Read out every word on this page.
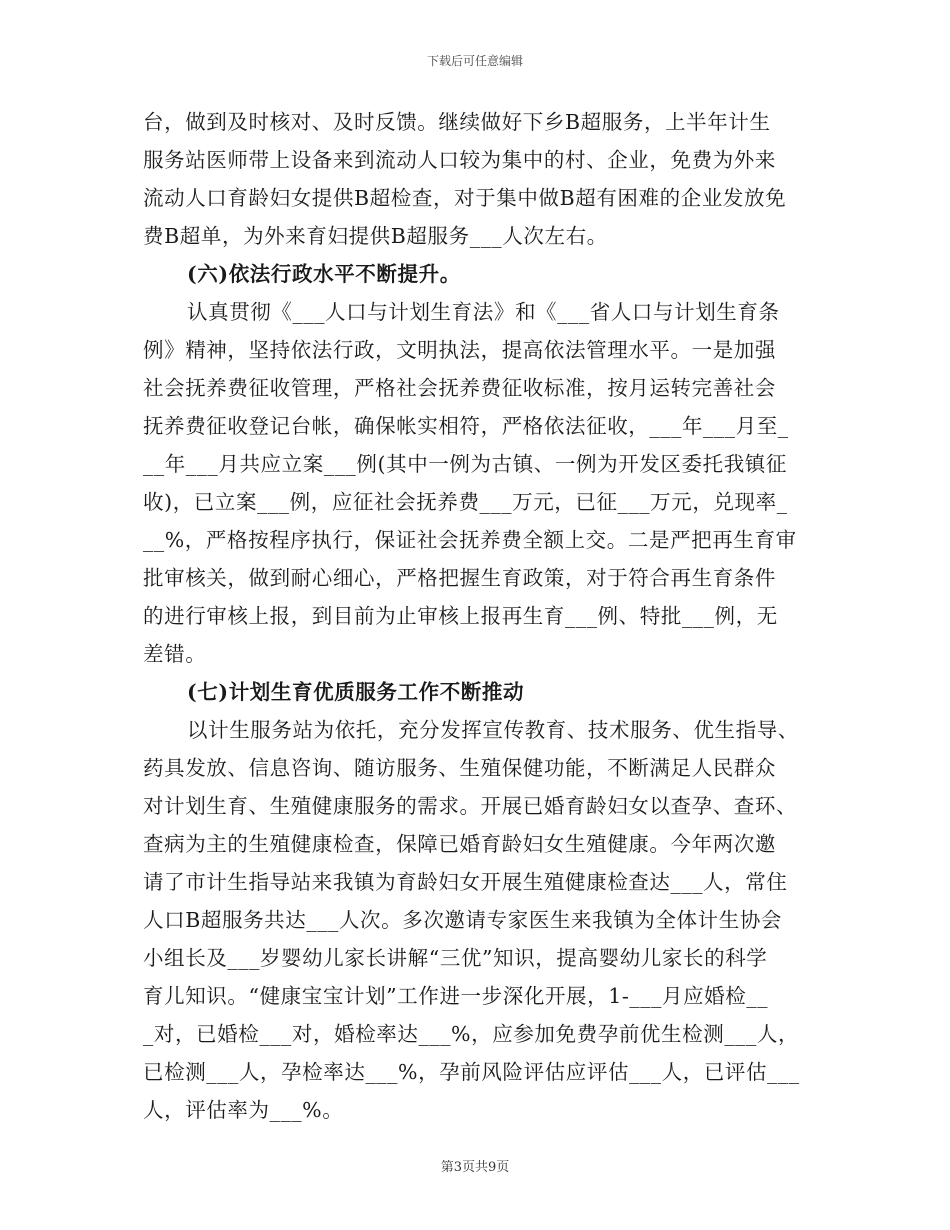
下载后可任意编辑
台，做到及时核对、及时反馈。继续做好下乡B超服务，上半年计生
服务站医师带上设备来到流动人口较为集中的村、企业，免费为外来
流动人口育龄妇女提供B超检查，对于集中做B超有困难的企业发放免
费B超单，为外来育妇提供B超服务___人次左右。
(六)依法行政水平不断提升。
认真贯彻《___人口与计划生育法》和《___省人口与计划生育条
例》精神，坚持依法行政，文明执法，提高依法管理水平。一是加强
社会抚养费征收管理，严格社会抚养费征收标准，按月运转完善社会
抚养费征收登记台帐，确保帐实相符，严格依法征收，___年___月至_
__年___月共应立案___例(其中一例为古镇、一例为开发区委托我镇征
收)，已立案___例，应征社会抚养费___万元，已征___万元，兑现率_
__%，严格按程序执行，保证社会抚养费全额上交。二是严把再生育审
批审核关，做到耐心细心，严格把握生育政策，对于符合再生育条件
的进行审核上报，到目前为止审核上报再生育___例、特批___例，无
差错。
(七)计划生育优质服务工作不断推动
以计生服务站为依托，充分发挥宣传教育、技术服务、优生指导、
药具发放、信息咨询、随访服务、生殖保健功能，不断满足人民群众
对计划生育、生殖健康服务的需求。开展已婚育龄妇女以查孕、查环、
查病为主的生殖健康检查，保障已婚育龄妇女生殖健康。今年两次邀
请了市计生指导站来我镇为育龄妇女开展生殖健康检查达___人，常住
人口B超服务共达___人次。多次邀请专家医生来我镇为全体计生协会
小组长及___岁婴幼儿家长讲解“三优”知识，提高婴幼儿家长的科学
育儿知识。“健康宝宝计划”工作进一步深化开展，1-___月应婚检__
_对，已婚检___对，婚检率达___%，应参加免费孕前优生检测___人，
已检测___人，孕检率达___%，孕前风险评估应评估___人，已评估___
人，评估率为___%。
第3页共9页
